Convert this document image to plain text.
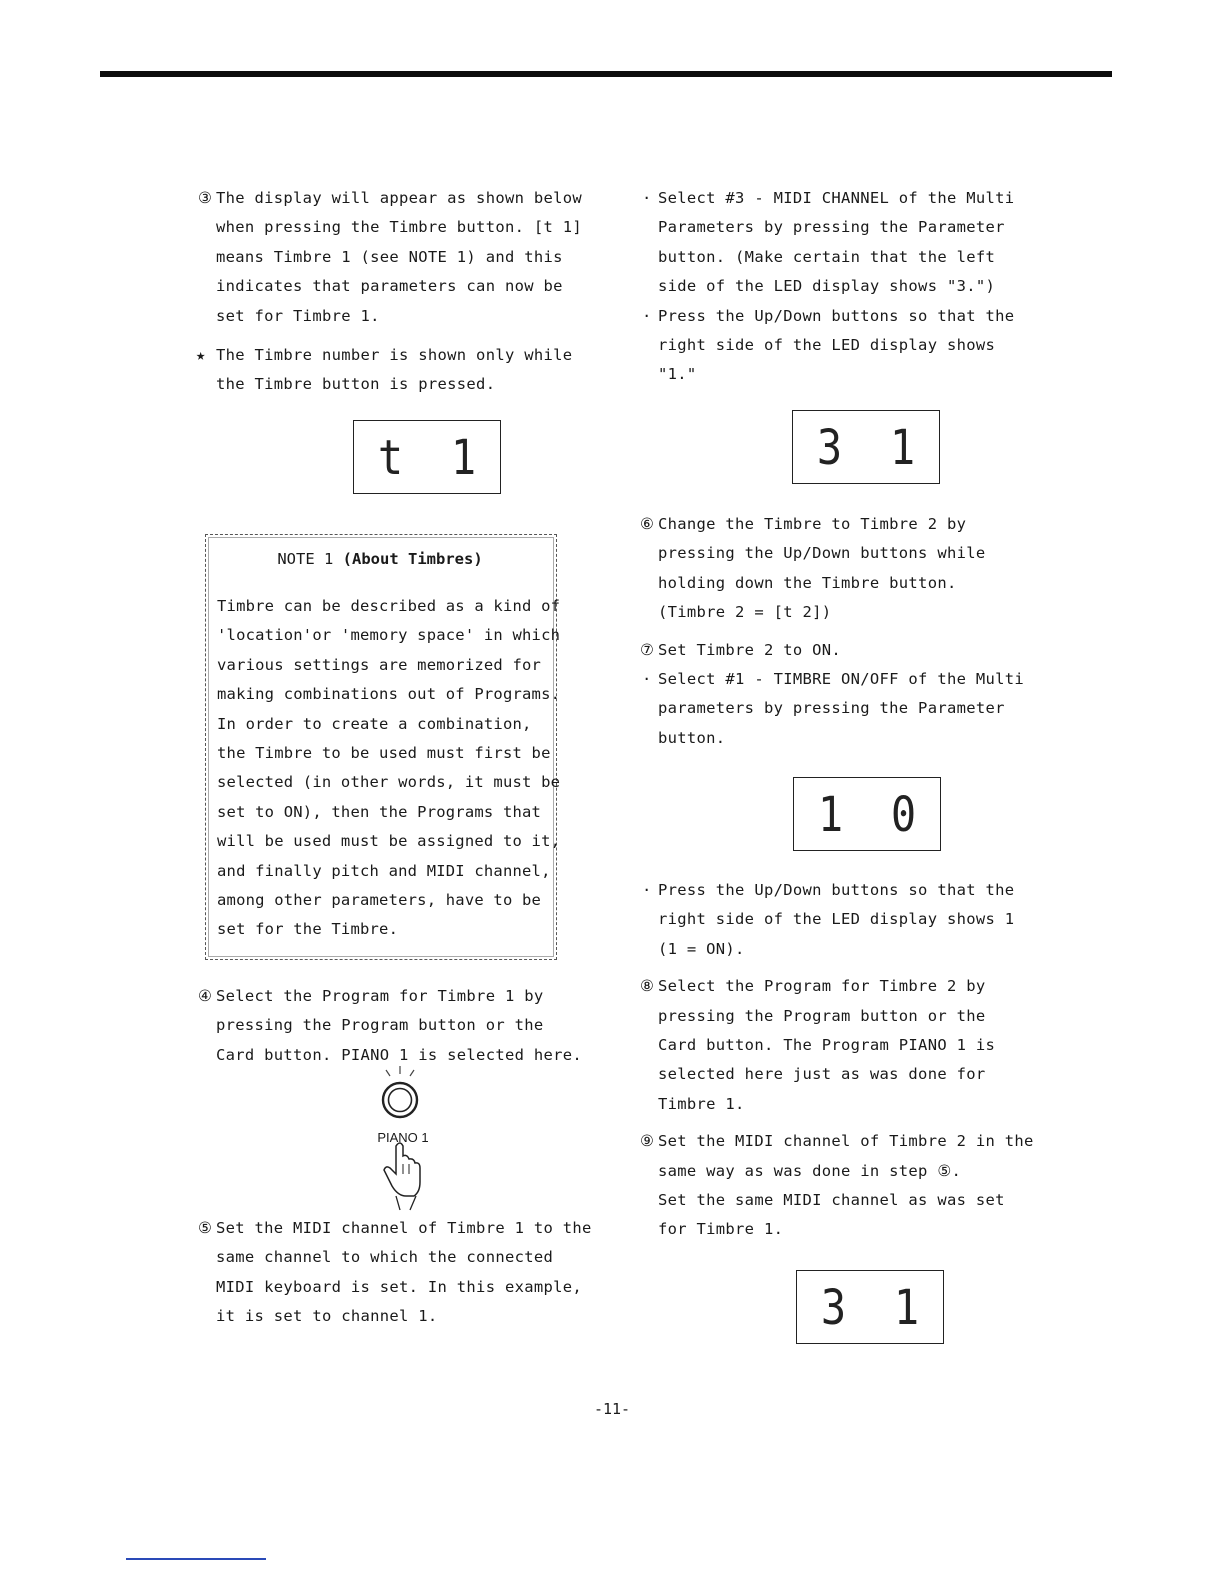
③ The display will appear as shown below
when pressing the Timbre button. [t 1]
means Timbre 1 (see NOTE 1) and this
indicates that parameters can now be
set for Timbre 1.
★ The Timbre number is shown only while
the Timbre button is pressed.
t 1
NOTE 1 (About Timbres)
Timbre can be described as a kind of
'location'or 'memory space' in which
various settings are memorized for
making combinations out of Programs.
In order to create a combination,
the Timbre to be used must first be
selected (in other words, it must be
set to ON), then the Programs that
will be used must be assigned to it,
and finally pitch and MIDI channel,
among other parameters, have to be
set for the Timbre.
④ Select the Program for Timbre 1 by
pressing the Program button or the
Card button. PIANO 1 is selected here.
PIANO 1
⑤ Set the MIDI channel of Timbre 1 to the
same channel to which the connected
MIDI keyboard is set. In this example,
it is set to channel 1.
· Select #3 - MIDI CHANNEL of the Multi
Parameters by pressing the Parameter
button. (Make certain that the left
side of the LED display shows "3.")
· Press the Up/Down buttons so that the
right side of the LED display shows
"1."
3 1
⑥ Change the Timbre to Timbre 2 by
pressing the Up/Down buttons while
holding down the Timbre button.
(Timbre 2 = [t 2])
⑦ Set Timbre 2 to ON.
· Select #1 - TIMBRE ON/OFF of the Multi
parameters by pressing the Parameter
button.
1 0
· Press the Up/Down buttons so that the
right side of the LED display shows 1
(1 = ON).
⑧ Select the Program for Timbre 2 by
pressing the Program button or the
Card button. The Program PIANO 1 is
selected here just as was done for
Timbre 1.
⑨ Set the MIDI channel of Timbre 2 in the
same way as was done in step ⑤.
Set the same MIDI channel as was set
for Timbre 1.
3 1
-11-
